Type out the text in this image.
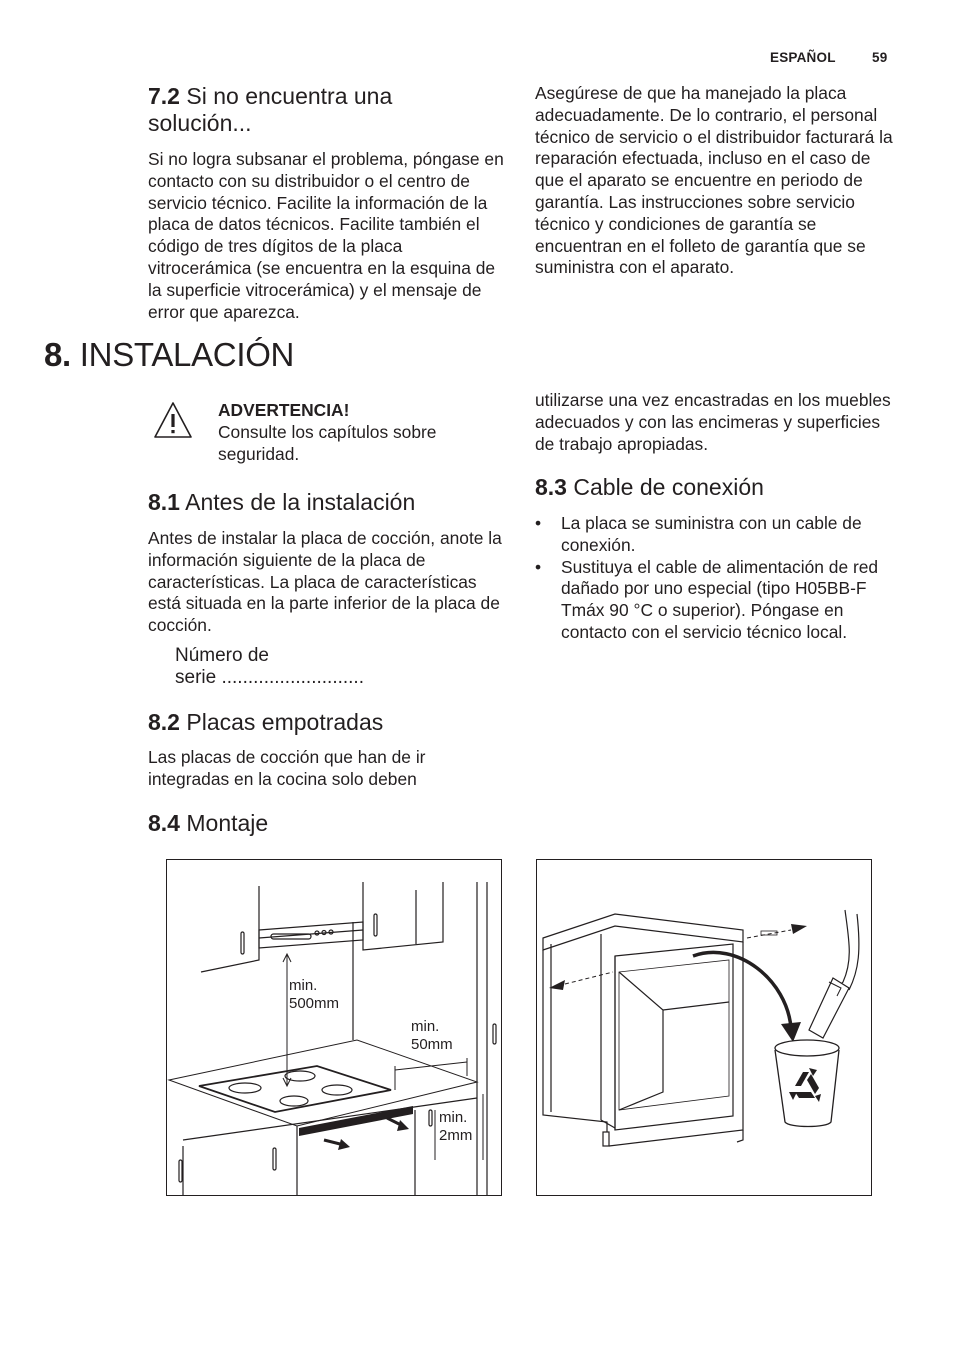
ESPAÑOL	59
7.2 Si no encuentra una solución...

Si no logra subsanar el problema, póngase en contacto con su distribuidor o el centro de servicio técnico. Facilite la información de la placa de datos técnicos. Facilite también el código de tres dígitos de la placa vitrocerámica (se encuentra en la esquina de la superficie vitrocerámica) y el mensaje de error que aparezca.

Asegúrese de que ha manejado la placa adecuadamente. De lo contrario, el personal técnico de servicio o el distribuidor facturará la reparación efectuada, incluso en el caso de que el aparato se encuentre en periodo de garantía. Las instrucciones sobre servicio técnico y condiciones de garantía se encuentran en el folleto de garantía que se suministra con el aparato.

8. INSTALACIÓN
ADVERTENCIA!
Consulte los capítulos sobre seguridad.
8.1 Antes de la instalación

Antes de instalar la placa de cocción, anote la información siguiente de la placa de características. La placa de características está situada en la parte inferior de la placa de cocción.

Número de
serie ...........................
8.2 Placas empotradas

Las placas de cocción que han de ir integradas en la cocina solo deben

utilizarse una vez encastradas en los muebles adecuados y con las encimeras y superficies de trabajo apropiadas.

8.3 Cable de conexión
• La placa se suministra con un cable de conexión.
• Sustituya el cable de alimentación de red dañado por uno especial (tipo H05BB-F Tmáx 90 °C o superior). Póngase en contacto con el servicio técnico local.
8.4 Montaje
min.
500mm
min.
50mm
min.
2mm
